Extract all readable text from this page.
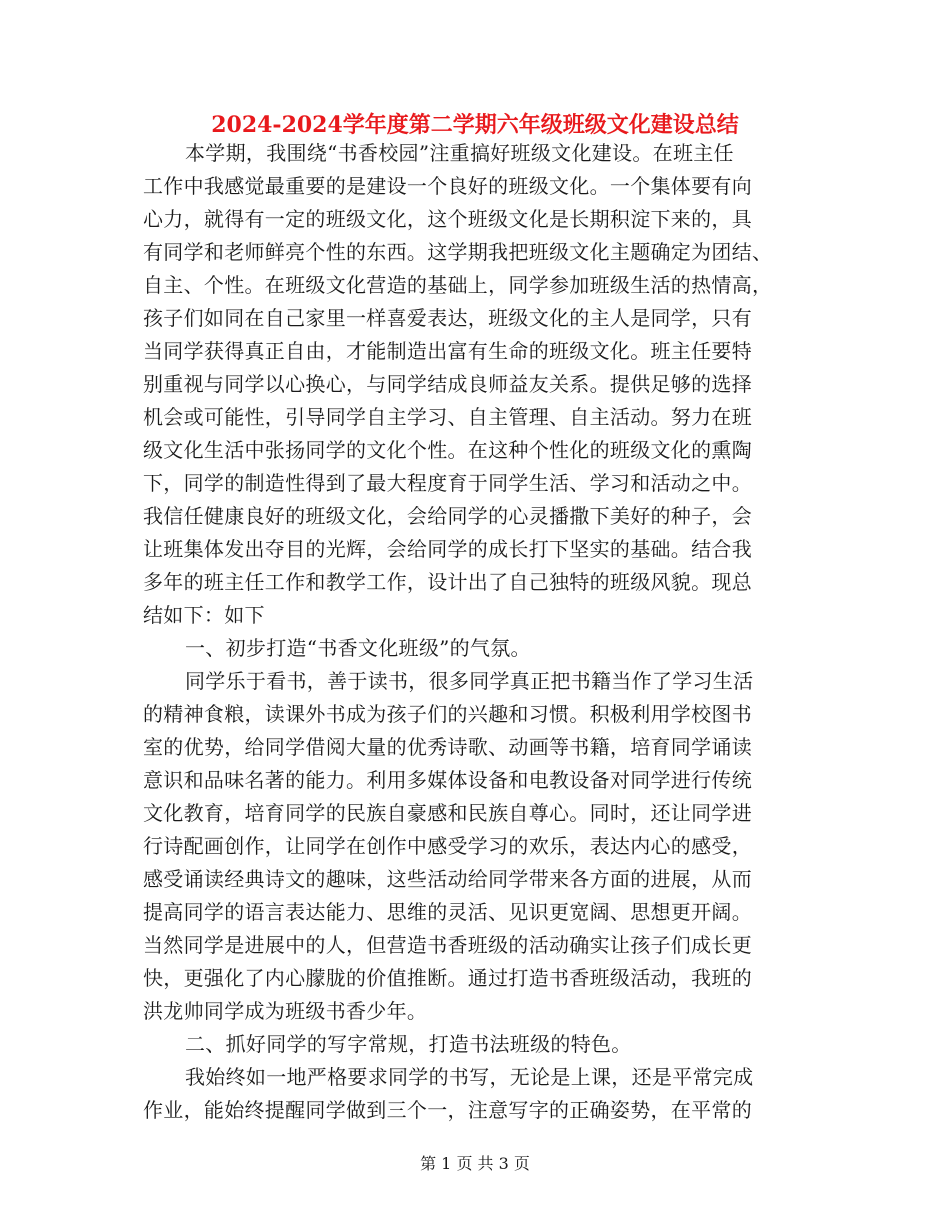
2024-2024学年度第二学期六年级班级文化建设总结
本学期，我围绕“书香校园”注重搞好班级文化建设。在班主任
工作中我感觉最重要的是建设一个良好的班级文化。一个集体要有向
心力，就得有一定的班级文化，这个班级文化是长期积淀下来的，具
有同学和老师鲜亮个性的东西。这学期我把班级文化主题确定为团结、
自主、个性。在班级文化营造的基础上，同学参加班级生活的热情高，
孩子们如同在自己家里一样喜爱表达，班级文化的主人是同学，只有
当同学获得真正自由，才能制造出富有生命的班级文化。班主任要特
别重视与同学以心换心，与同学结成良师益友关系。提供足够的选择
机会或可能性，引导同学自主学习、自主管理、自主活动。努力在班
级文化生活中张扬同学的文化个性。在这种个性化的班级文化的熏陶
下，同学的制造性得到了最大程度育于同学生活、学习和活动之中。
我信任健康良好的班级文化，会给同学的心灵播撒下美好的种子，会
让班集体发出夺目的光辉，会给同学的成长打下坚实的基础。结合我
多年的班主任工作和教学工作，设计出了自己独特的班级风貌。现总
结如下：如下
一、初步打造“书香文化班级”的气氛。
同学乐于看书，善于读书，很多同学真正把书籍当作了学习生活
的精神食粮，读课外书成为孩子们的兴趣和习惯。积极利用学校图书
室的优势，给同学借阅大量的优秀诗歌、动画等书籍，培育同学诵读
意识和品味名著的能力。利用多媒体设备和电教设备对同学进行传统
文化教育，培育同学的民族自豪感和民族自尊心。同时，还让同学进
行诗配画创作，让同学在创作中感受学习的欢乐，表达内心的感受，
感受诵读经典诗文的趣味，这些活动给同学带来各方面的进展，从而
提高同学的语言表达能力、思维的灵活、见识更宽阔、思想更开阔。
当然同学是进展中的人，但营造书香班级的活动确实让孩子们成长更
快，更强化了内心朦胧的价值推断。通过打造书香班级活动，我班的
洪龙帅同学成为班级书香少年。
二、抓好同学的写字常规，打造书法班级的特色。
我始终如一地严格要求同学的书写，无论是上课，还是平常完成
作业，能始终提醒同学做到三个一，注意写字的正确姿势，在平常的
第 1 页 共 3 页
